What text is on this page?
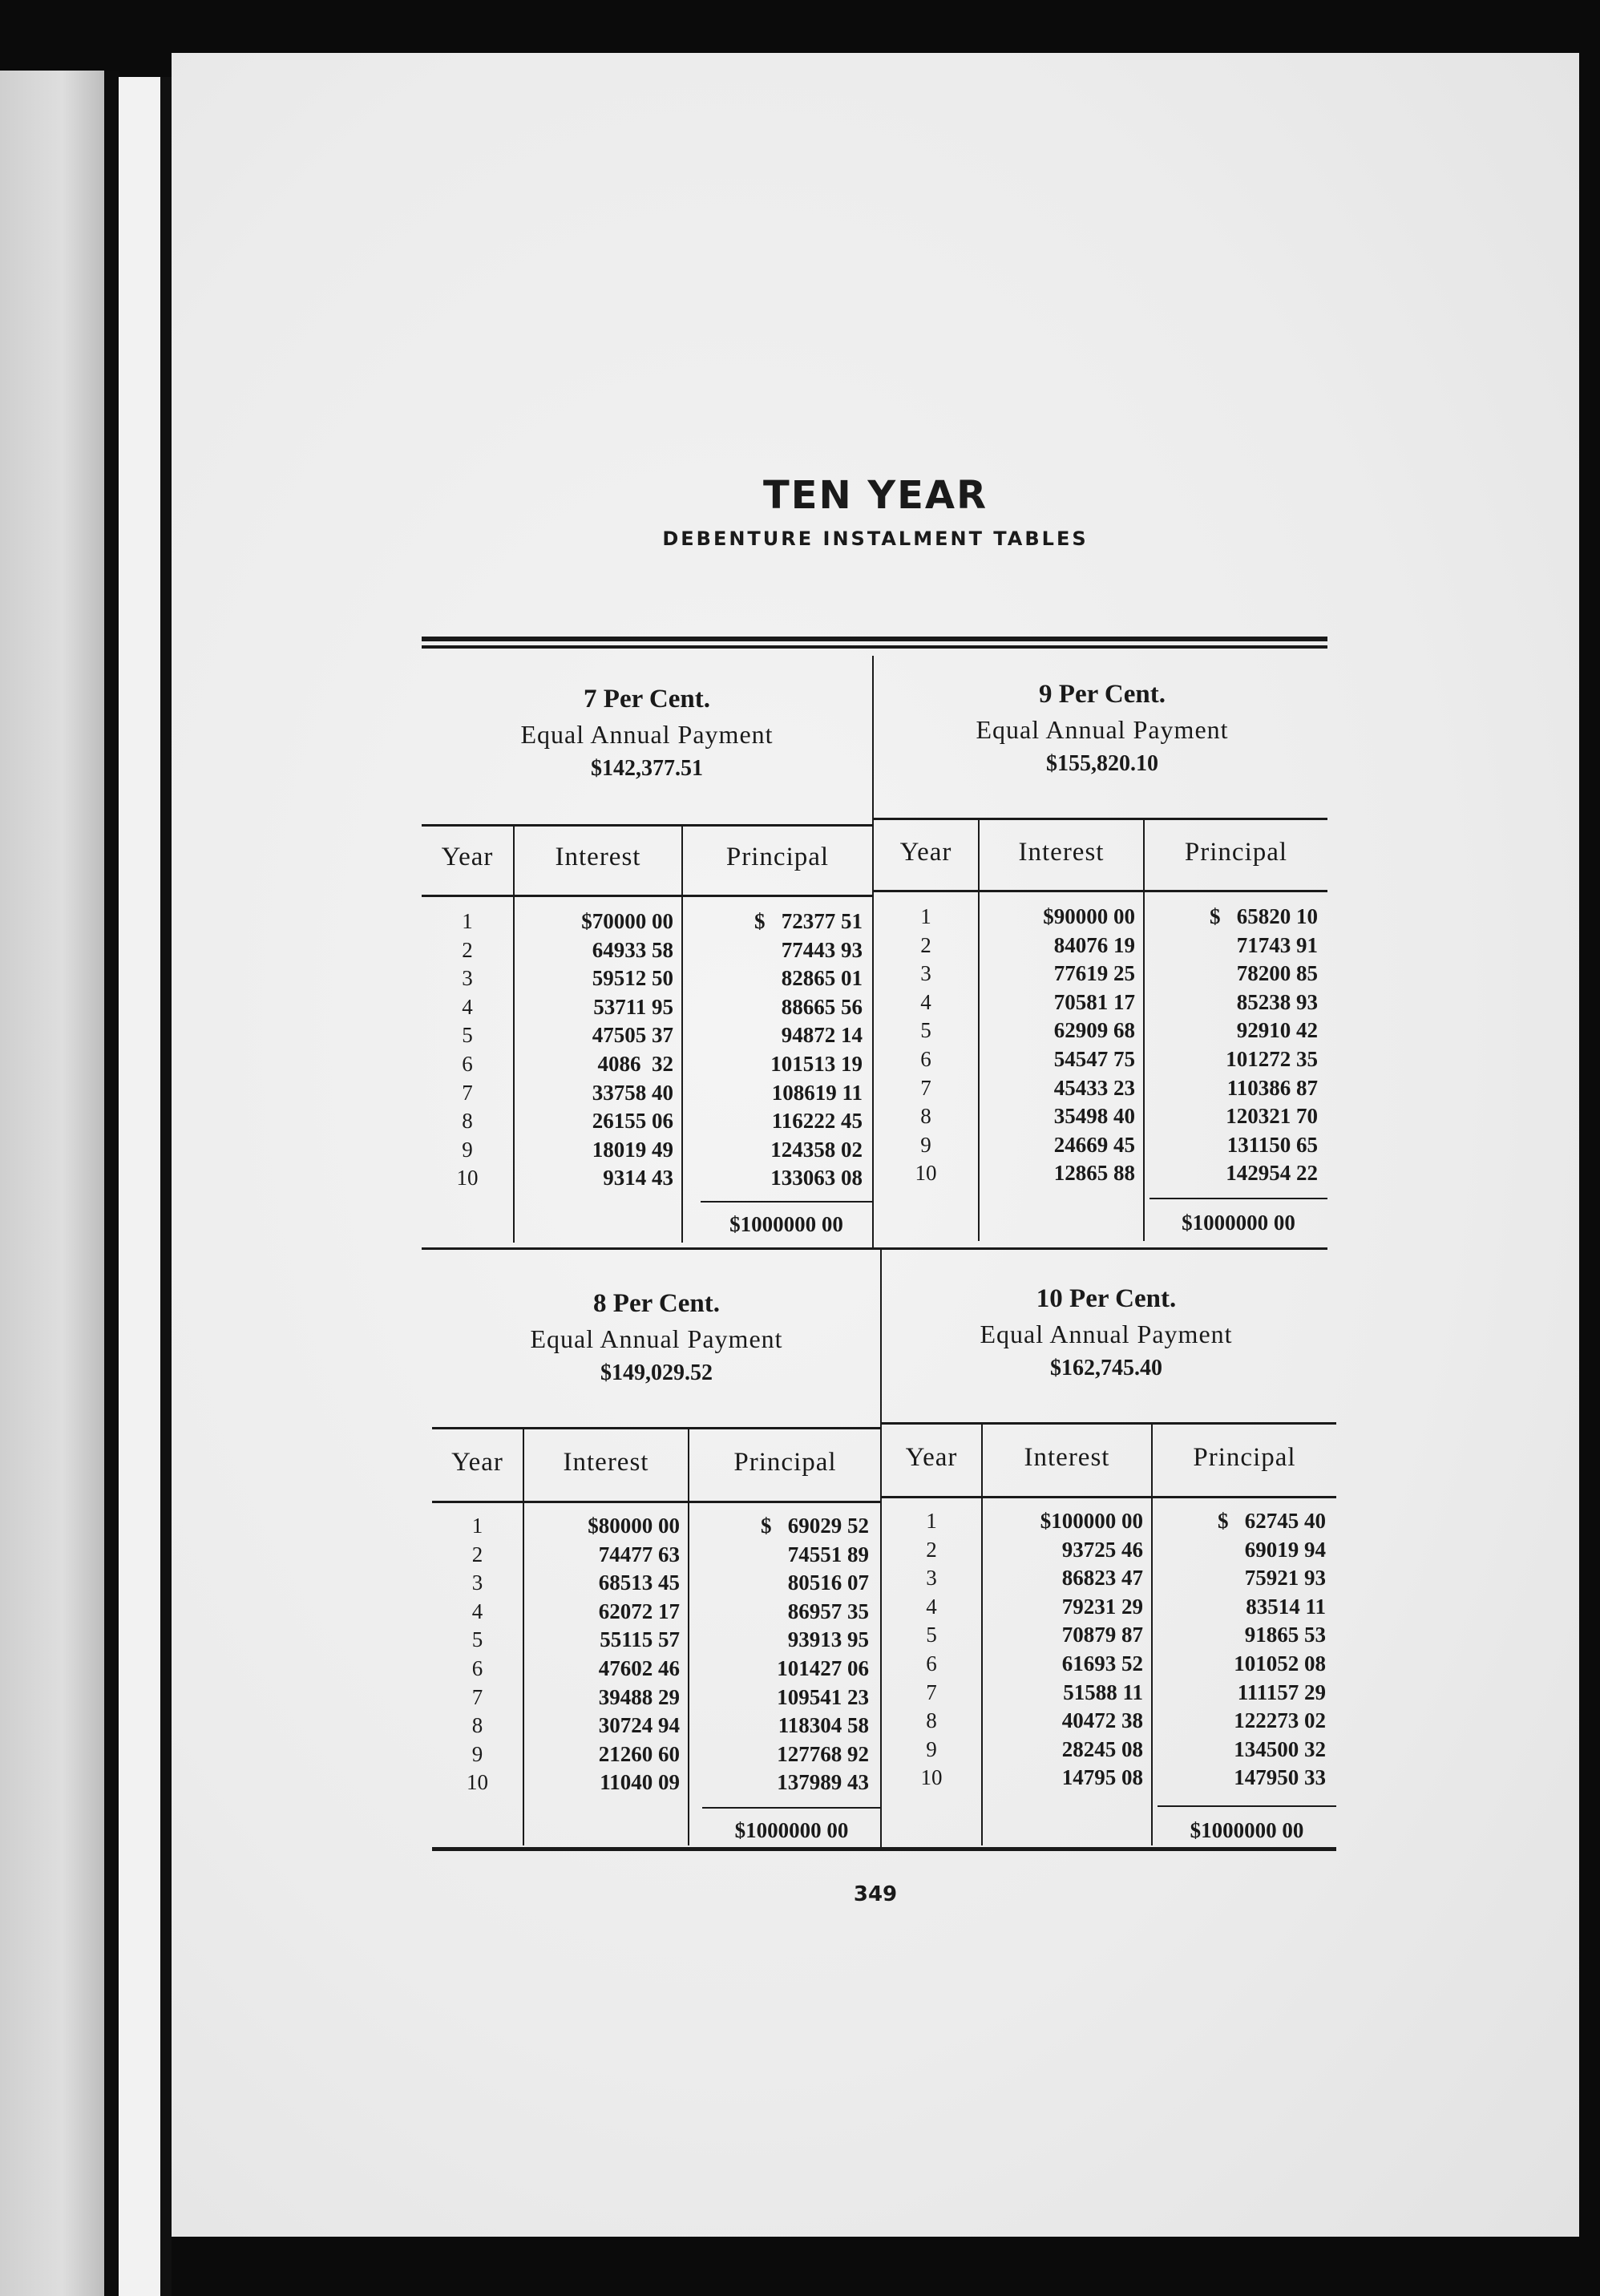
TEN YEAR
DEBENTURE INSTALMENT TABLES
7 Per Cent.
Equal Annual Payment
$142,377.51
Year	Interest	Principal
1	$70000 00	$   72377 51
2	64933 58	77443 93
3	59512 50	82865 01
4	53711 95	88665 56
5	47505 37	94872 14
6	4086  32	101513 19
7	33758 40	108619 11
8	26155 06	116222 45
9	18019 49	124358 02
10	9314 43	133063 08
$1000000 00
9 Per Cent.
Equal Annual Payment
$155,820.10
Year	Interest	Principal
1	$90000 00	$   65820 10
2	84076 19	71743 91
3	77619 25	78200 85
4	70581 17	85238 93
5	62909 68	92910 42
6	54547 75	101272 35
7	45433 23	110386 87
8	35498 40	120321 70
9	24669 45	131150 65
10	12865 88	142954 22
$1000000 00
8 Per Cent.
Equal Annual Payment
$149,029.52
Year	Interest	Principal
1	$80000 00	$   69029 52
2	74477 63	74551 89
3	68513 45	80516 07
4	62072 17	86957 35
5	55115 57	93913 95
6	47602 46	101427 06
7	39488 29	109541 23
8	30724 94	118304 58
9	21260 60	127768 92
10	11040 09	137989 43
$1000000 00
10 Per Cent.
Equal Annual Payment
$162,745.40
Year	Interest	Principal
1	$100000 00	$   62745 40
2	93725 46	69019 94
3	86823 47	75921 93
4	79231 29	83514 11
5	70879 87	91865 53
6	61693 52	101052 08
7	51588 11	111157 29
8	40472 38	122273 02
9	28245 08	134500 32
10	14795 08	147950 33
$1000000 00
349
